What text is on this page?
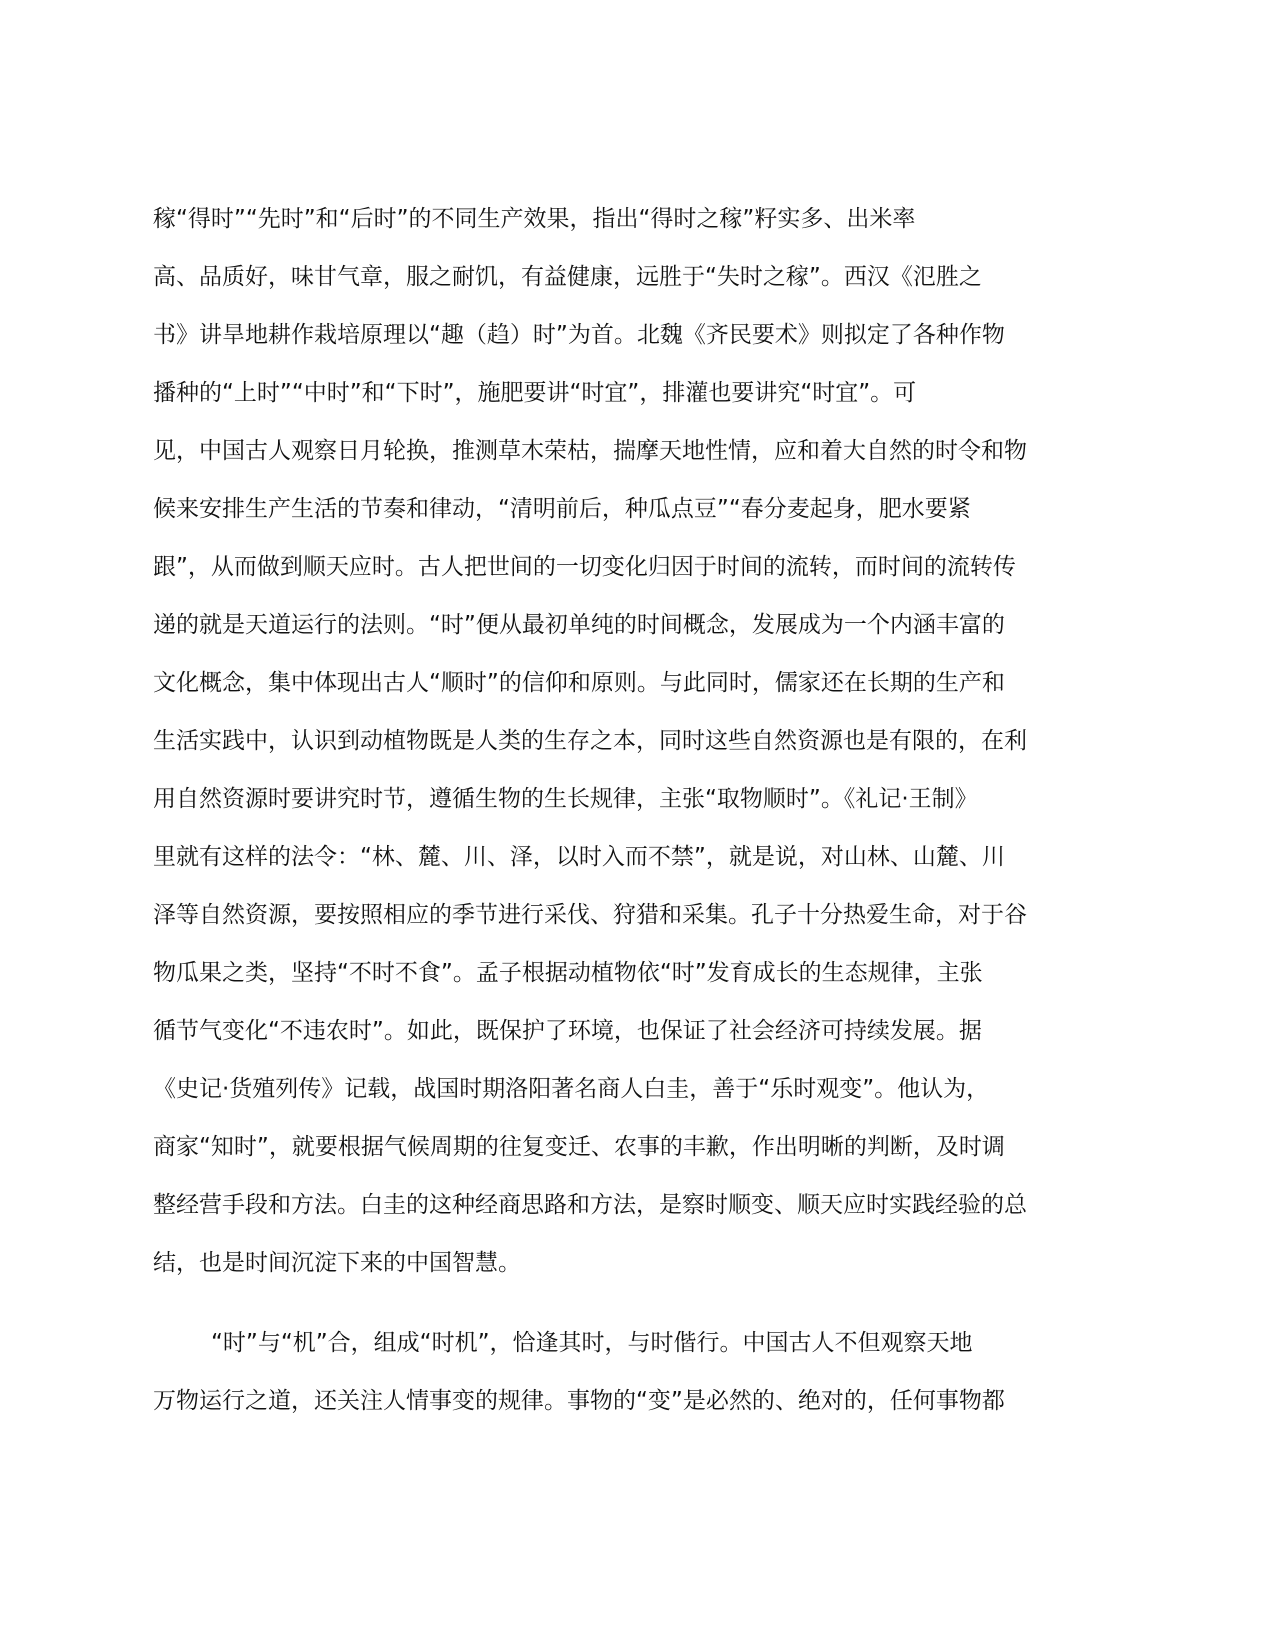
稼“得时”“先时”和“后时”的不同生产效果，指出“得时之稼”籽实多、出米率
高、品质好，味甘气章，服之耐饥，有益健康，远胜于“失时之稼”。西汉《氾胜之
书》讲旱地耕作栽培原理以“趣（趋）时”为首。北魏《齐民要术》则拟定了各种作物
播种的“上时”“中时”和“下时”，施肥要讲“时宜”，排灌也要讲究“时宜”。可
见，中国古人观察日月轮换，推测草木荣枯，揣摩天地性情，应和着大自然的时令和物
候来安排生产生活的节奏和律动，“清明前后，种瓜点豆”“春分麦起身，肥水要紧
跟”，从而做到顺天应时。古人把世间的一切变化归因于时间的流转，而时间的流转传
递的就是天道运行的法则。“时”便从最初单纯的时间概念，发展成为一个内涵丰富的
文化概念，集中体现出古人“顺时”的信仰和原则。与此同时，儒家还在长期的生产和
生活实践中，认识到动植物既是人类的生存之本，同时这些自然资源也是有限的，在利
用自然资源时要讲究时节，遵循生物的生长规律，主张“取物顺时”。《礼记·王制》
里就有这样的法令：“林、麓、川、泽，以时入而不禁”，就是说，对山林、山麓、川
泽等自然资源，要按照相应的季节进行采伐、狩猎和采集。孔子十分热爱生命，对于谷
物瓜果之类，坚持“不时不食”。孟子根据动植物依“时”发育成长的生态规律，主张
循节气变化“不违农时”。如此，既保护了环境，也保证了社会经济可持续发展。据
《史记·货殖列传》记载，战国时期洛阳著名商人白圭，善于“乐时观变”。他认为，
商家“知时”，就要根据气候周期的往复变迁、农事的丰歉，作出明晰的判断，及时调
整经营手段和方法。白圭的这种经商思路和方法，是察时顺变、顺天应时实践经验的总
结，也是时间沉淀下来的中国智慧。
“时”与“机”合，组成“时机”，恰逢其时，与时偕行。中国古人不但观察天地
万物运行之道，还关注人情事变的规律。事物的“变”是必然的、绝对的，任何事物都
